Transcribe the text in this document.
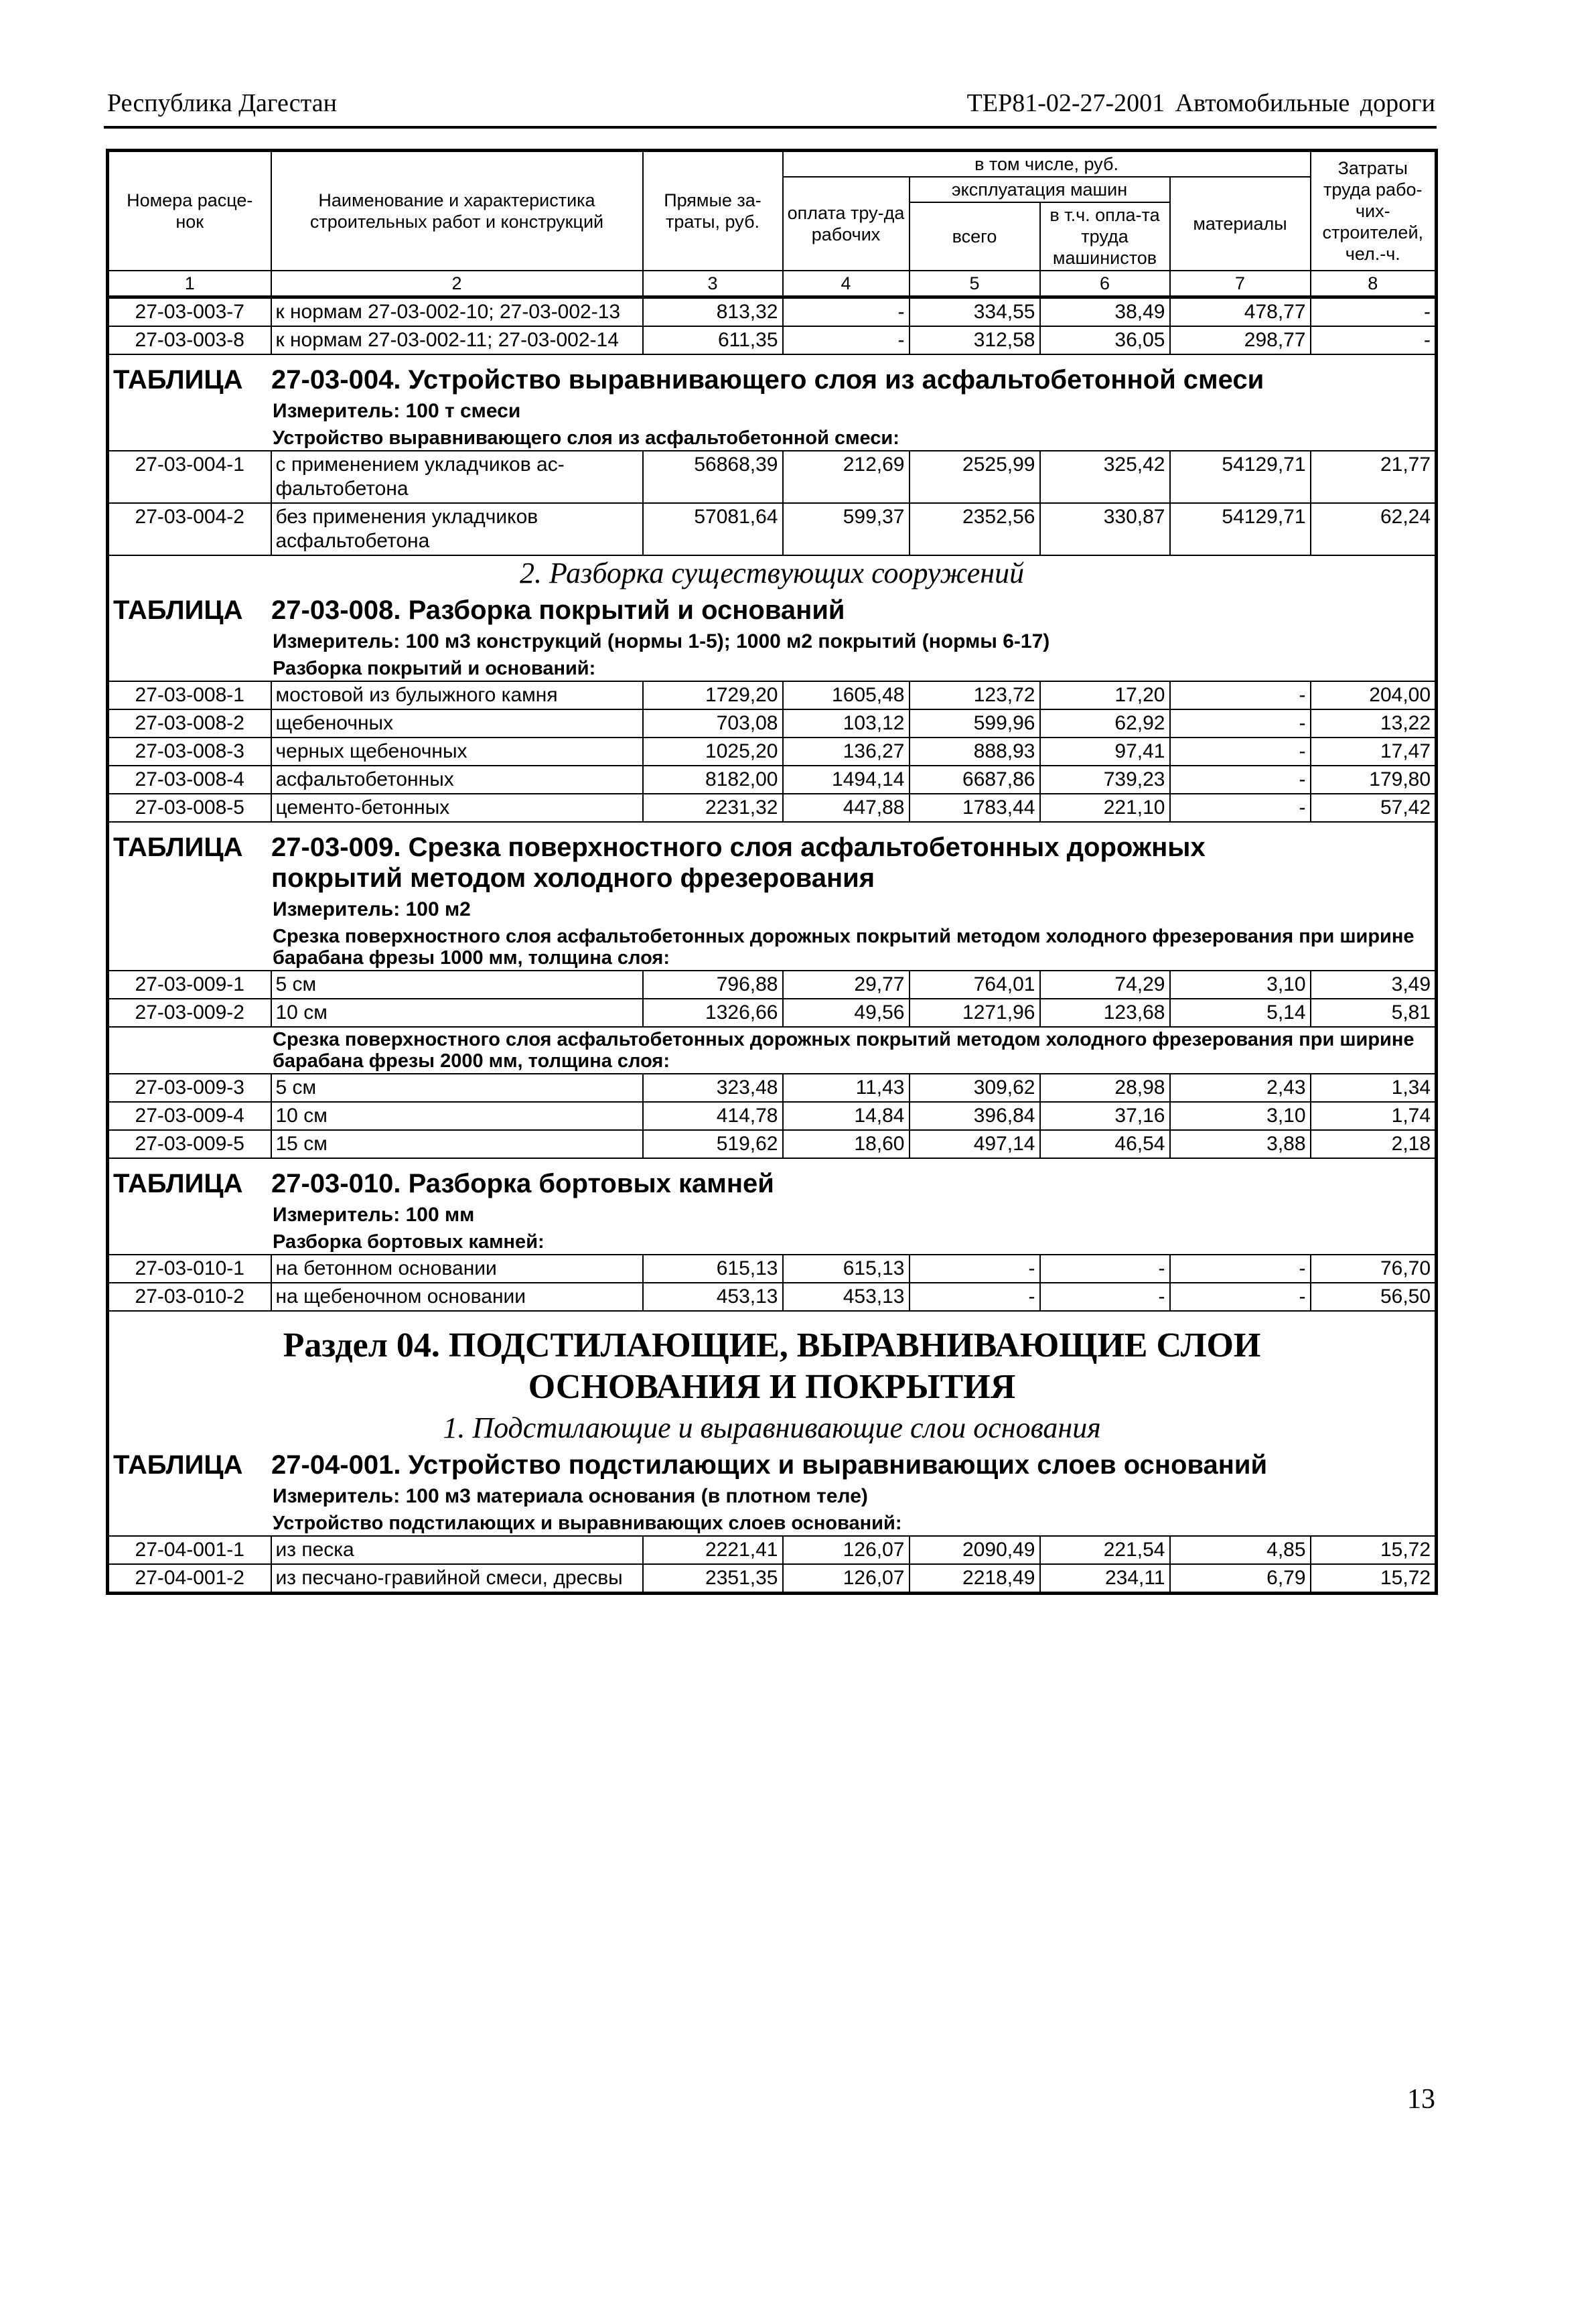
Республика Дагестан	ТЕР81-02-27-2001 Автомобильные дороги
Номера расце-нок	Наименование и характеристика строительных работ и конструкций	Прямые за-траты, руб.	в том числе, руб.				Затраты труда рабо-чих-строителей, чел.-ч.
			оплата тру-да рабочих	эксплуатация машин		материалы	
				всего	в т.ч. опла-та труда машинистов		

1	2	3	4	5	6	7	8
27-03-003-7	к нормам 27-03-002-10; 27-03-002-13	813,32	-	334,55	38,49	478,77	-
27-03-003-8	к нормам 27-03-002-11; 27-03-002-14	611,35	-	312,58	36,05	298,77	-
ТАБЛИЦА 27-03-004. Устройство выравнивающего слоя из асфальтобетонной смеси							
Измеритель: 100 т смеси							
Устройство выравнивающего слоя из асфальтобетонной смеси:							
27-03-004-1	с применением укладчиков ас-фальтобетона	56868,39	212,69	2525,99	325,42	54129,71	21,77
27-03-004-2	без применения укладчиков асфальтобетона	57081,64	599,37	2352,56	330,87	54129,71	62,24
2. Разборка существующих сооружений							
ТАБЛИЦА 27-03-008. Разборка покрытий и оснований							
Измеритель: 100 м3 конструкций (нормы 1-5); 1000 м2 покрытий (нормы 6-17)							
Разборка покрытий и оснований:							
27-03-008-1	мостовой из булыжного камня	1729,20	1605,48	123,72	17,20	-	204,00
27-03-008-2	щебеночных	703,08	103,12	599,96	62,92	-	13,22
27-03-008-3	черных щебеночных	1025,20	136,27	888,93	97,41	-	17,47
27-03-008-4	асфальтобетонных	8182,00	1494,14	6687,86	739,23	-	179,80
27-03-008-5	цементо-бетонных	2231,32	447,88	1783,44	221,10	-	57,42
ТАБЛИЦА 27-03-009. Срезка поверхностного слоя асфальтобетонных дорожных покрытий методом холодного фрезерования							
Измеритель: 100 м2							
Срезка поверхностного слоя асфальтобетонных дорожных покрытий методом холодного фрезерования при ширине барабана фрезы 1000 мм, толщина слоя:							
27-03-009-1	5 см	796,88	29,77	764,01	74,29	3,10	3,49
27-03-009-2	10 см	1326,66	49,56	1271,96	123,68	5,14	5,81
Срезка поверхностного слоя асфальтобетонных дорожных покрытий методом холодного фрезерования при ширине барабана фрезы 2000 мм, толщина слоя:							
27-03-009-3	5 см	323,48	11,43	309,62	28,98	2,43	1,34
27-03-009-4	10 см	414,78	14,84	396,84	37,16	3,10	1,74
27-03-009-5	15 см	519,62	18,60	497,14	46,54	3,88	2,18
ТАБЛИЦА 27-03-010. Разборка бортовых камней							
Измеритель: 100 мм							
Разборка бортовых камней:							
27-03-010-1	на бетонном основании	615,13	615,13	-	-	-	76,70
27-03-010-2	на щебеночном основании	453,13	453,13	-	-	-	56,50
Раздел 04. ПОДСТИЛАЮЩИЕ, ВЫРАВНИВАЮЩИЕ СЛОИ ОСНОВАНИЯ И ПОКРЫТИЯ							
1. Подстилающие и выравнивающие слои основания							
ТАБЛИЦА 27-04-001. Устройство подстилающих и выравнивающих слоев оснований							
Измеритель: 100 м3 материала основания (в плотном теле)							
Устройство подстилающих и выравнивающих слоев оснований:							
27-04-001-1	из песка	2221,41	126,07	2090,49	221,54	4,85	15,72
27-04-001-2	из песчано-гравийной смеси, дресвы	2351,35	126,07	2218,49	234,11	6,79	15,72
13
